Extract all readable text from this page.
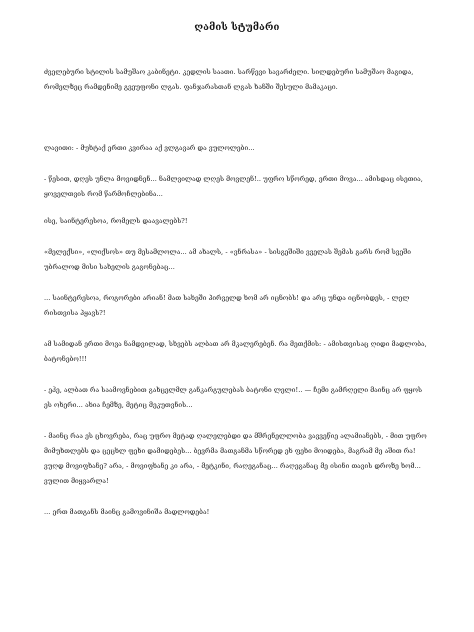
ღამის სტუმარი

ძველებური სტილის სამუშაო კაბინეტი. კედლის საათი. სარწევი სავარძელი. სილდებური სამუშაო მაგიდა, რომელზეც რამდენიმე გვეუფონი ლგას. ფანჯარასთან ლგას ხანში შესული მამაკაცი.

ლავითი: - მუხტაქ ერთი კვირაა აქ ვლგავარ და ვულოლები...

- წესით, დღეს უნლა მოვიდნენ... ნამლვილად ლღეს მოვლენ!.. უფრო სწორედ, ერთი მოვა... ამისდაც ისეთია, ყოველთვის რომ წარმოჩლებინა...

ისე, საინტერესოა, რომელს დაავალებს?!

«მელექსი», «ლიქსოს» თუ მესამლოლა... ამ ახალს, - «ვნრასა» - სისგეშიში ვველას შემას გარს რომ სვეში უბრალოდ მისი სახელის გაგონებაც...

... საინტერესოა, როგორები არიან! მათ სახეში პირველდ ხომ არ იცნობს! და არც უნდა იცნობდეს, - ლელ რისთვისა პყავს?!

ამ სამიდან ერთი მოვა ნამდვილად, სხვებს ალბათ არ მკალერებენ. რა მეთქმის: - ამისთვისაც ღიდი მადლობა, ბატონებო!!!

- ეჰე, ალბათ რა საამოვნებით გახცელმლ განკარგულებას ბატონი ლელი!.. — ჩემი გამრღელი მაინც არ ფყოს ეს ოხერი... ახია ჩემზე, მეტიც მეკუთვნის...

- მაინც რაა ეს ცხოვრება, რაც უფრო მეტად ღალელებდი და მშრენელლობა ვავვეწიე ალამიანებს, - მით უფრო მიმუხთლებს და ცეცხლ ფეხი დამიდებეს... ბევრმა მათგანმა სწორედ ეხ ფეხი მოიდება, მაგრამ მე აშით რა! ვუღდ მოვიფხანე? არა, - მოვიფხანე კი არა, - მეტკინი, რაღეგანაც... რაღეგანაც მე ისინი თავის დროზე ხომ... ვულით მიყვარლა!

... ერთ მათგანს მაინც გამოვინიშა მადლოდება!
